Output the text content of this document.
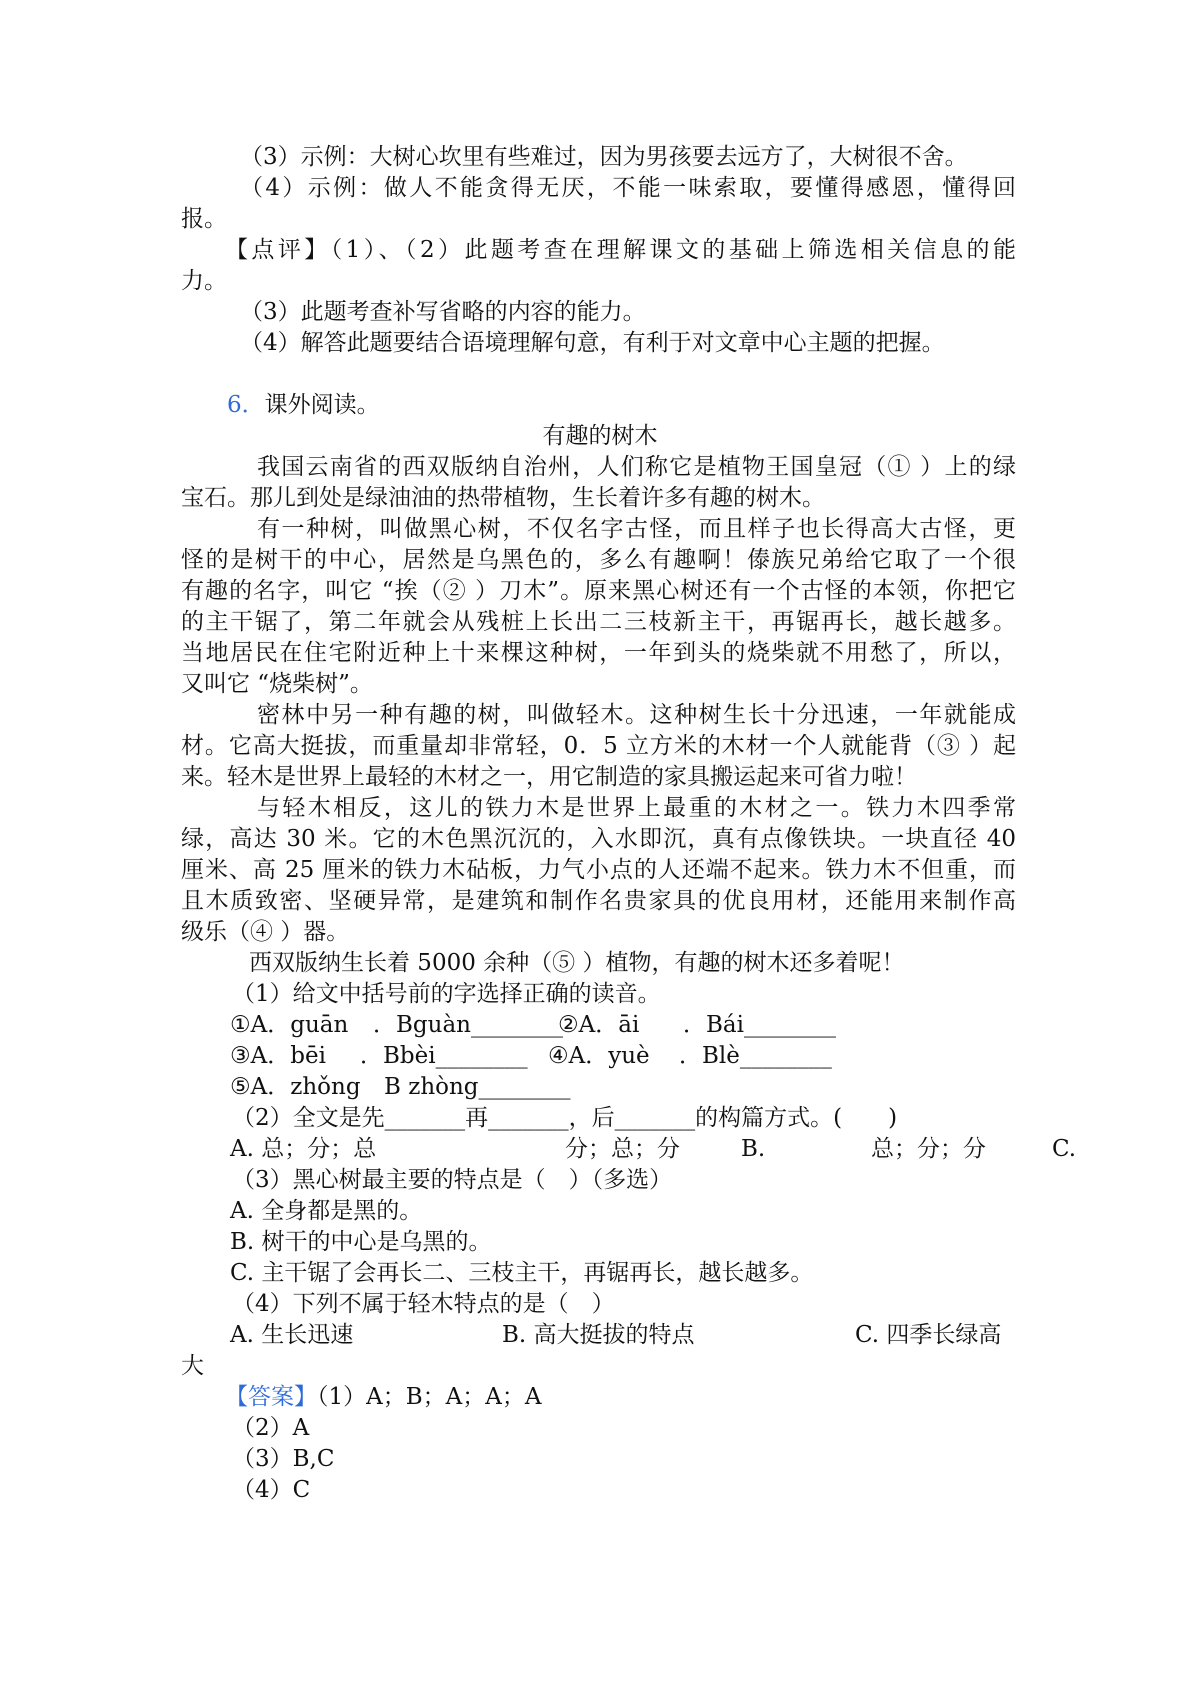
（3）示例：大树心坎里有些难过，因为男孩要去远方了，大树很不舍。
（4）示例：做人不能贪得无厌，不能一味索取，要懂得感恩，懂得回
报。
【点评】（1）、（2）此题考查在理解课文的基础上筛选相关信息的能
力。
（3）此题考查补写省略的内容的能力。
（4）解答此题要结合语境理解句意，有利于对文章中心主题的把握。
6．课外阅读。
有趣的树木
我国云南省的西双版纳自治州，人们称它是植物王国皇冠（① ）上的绿
宝石。那儿到处是绿油油的热带植物，生长着许多有趣的树木。
有一种树，叫做黑心树，不仅名字古怪，而且样子也长得高大古怪，更
怪的是树干的中心，居然是乌黑色的，多么有趣啊！傣族兄弟给它取了一个很
有趣的名字，叫它 “挨（② ）刀木”。原来黑心树还有一个古怪的本领，你把它
的主干锯了，第二年就会从残桩上长出二三枝新主干，再锯再长，越长越多。
当地居民在住宅附近种上十来棵这种树，一年到头的烧柴就不用愁了，所以，
又叫它 “烧柴树”。
密林中另一种有趣的树，叫做轻木。这种树生长十分迅速，一年就能成
材。它高大挺拔，而重量却非常轻，0．5 立方米的木材一个人就能背（③ ）起
来。轻木是世界上最轻的木材之一，用它制造的家具搬运起来可省力啦！
与轻木相反，这儿的铁力木是世界上最重的木材之一。铁力木四季常
绿，高达 30 米。它的木色黑沉沉的，入水即沉，真有点像铁块。一块直径 40
厘米、高 25 厘米的铁力木砧板，力气小点的人还端不起来。铁力木不但重，而
且木质致密、坚硬异常，是建筑和制作名贵家具的优良用材，还能用来制作高
级乐（④ ）器。
西双版纳生长着 5000 余种（⑤ ）植物，有趣的树木还多着呢！
（1）给文中括号前的字选择正确的读音。
①A．guān ．Bguàn________
②A．āi ．Bái________
③A．bēi ．Bbèi________ ④A．yuè ．Blè________
⑤A．zhǒng B zhòng________
（2）全文是先_______再_______，后_______的构篇方式。(　　)
A. 总；分；总	分；总；分	B.	总；分；分	C.
（3）黑心树最主要的特点是（　）（多选）
A. 全身都是黑的。
B. 树干的中心是乌黑的。
C. 主干锯了会再长二、三枝主干，再锯再长，越长越多。
（4）下列不属于轻木特点的是（　）
A. 生长迅速	B. 高大挺拔的特点	C. 四季长绿高
大
【答案】（1）A；B；A；A；A
（2）A
（3）B,C
（4）C
